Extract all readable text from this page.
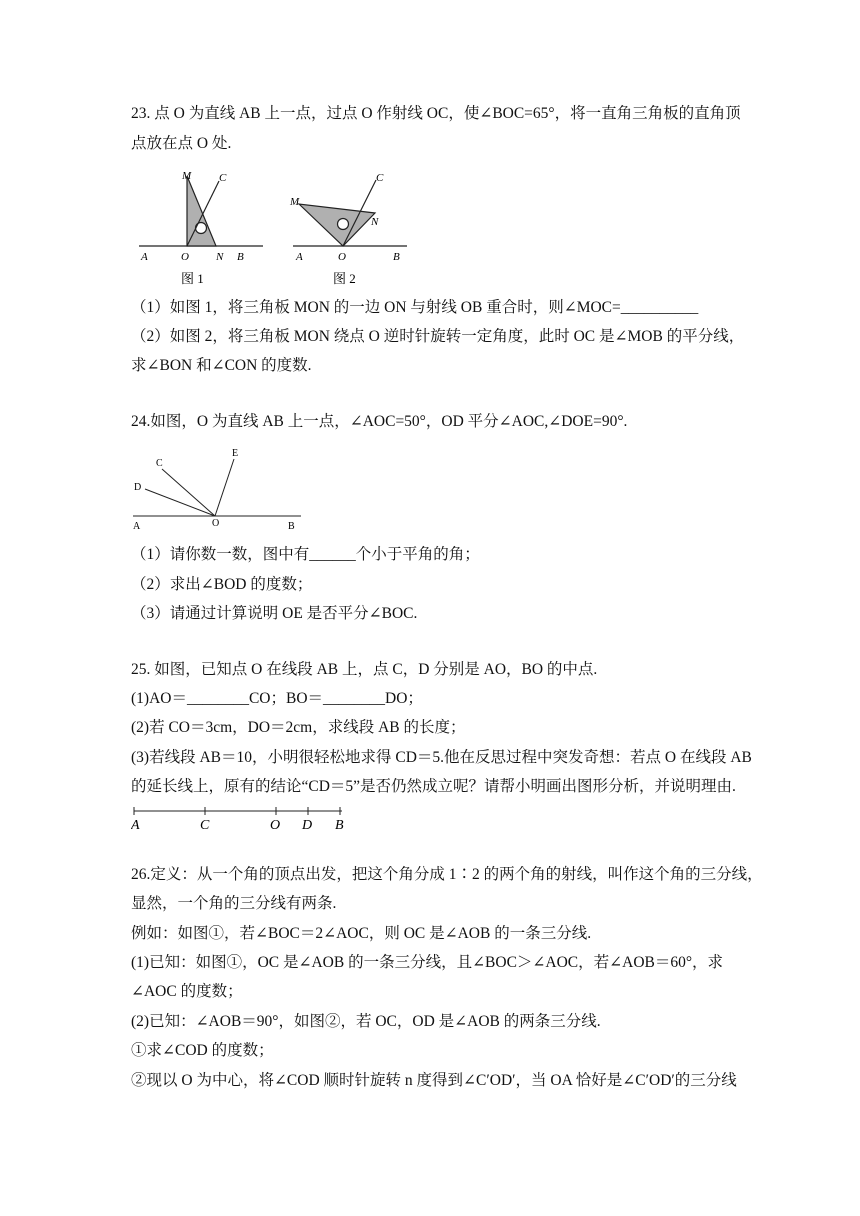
23. 点 O 为直线 AB 上一点，过点 O 作射线 OC，使∠BOC=65°，将一直角三角板的直角顶
点放在点 O 处.
M	C
A	O N B
图 1
M
C
N
A	O	B
图 2
（1）如图 1，将三角板 MON 的一边 ON 与射线 OB 重合时，则∠MOC=__________
（2）如图 2，将三角板 MON 绕点 O 逆时针旋转一定角度，此时 OC 是∠MOB 的平分线，
求∠BON 和∠CON 的度数.
24.如图，O 为直线 AB 上一点，∠AOC=50°，OD 平分∠AOC,∠DOE=90°.
C
E
D
A	O	B
（1）请你数一数，图中有______个小于平角的角；
（2）求出∠BOD 的度数；
（3）请通过计算说明 OE 是否平分∠BOC.
25. 如图，已知点 O 在线段 AB 上，点 C，D 分别是 AO，BO 的中点.
(1)AO＝________CO；BO＝________DO；
(2)若 CO＝3cm，DO＝2cm，求线段 AB 的长度；
(3)若线段 AB＝10，小明很轻松地求得 CD＝5.他在反思过程中突发奇想：若点 O 在线段 AB
的延长线上，原有的结论“CD＝5”是否仍然成立呢？请帮小明画出图形分析，并说明理由.
A	C	O D B
26.定义：从一个角的顶点出发，把这个角分成 1∶2 的两个角的射线，叫作这个角的三分线，
显然，一个角的三分线有两条.
例如：如图①，若∠BOC＝2∠AOC，则 OC 是∠AOB 的一条三分线.
(1)已知：如图①，OC 是∠AOB 的一条三分线，且∠BOC＞∠AOC，若∠AOB＝60°，求
∠AOC 的度数；
(2)已知：∠AOB＝90°，如图②，若 OC，OD 是∠AOB 的两条三分线.
①求∠COD 的度数；
②现以 O 为中心，将∠COD 顺时针旋转 n 度得到∠C′OD′，当 OA 恰好是∠C′OD′的三分线
